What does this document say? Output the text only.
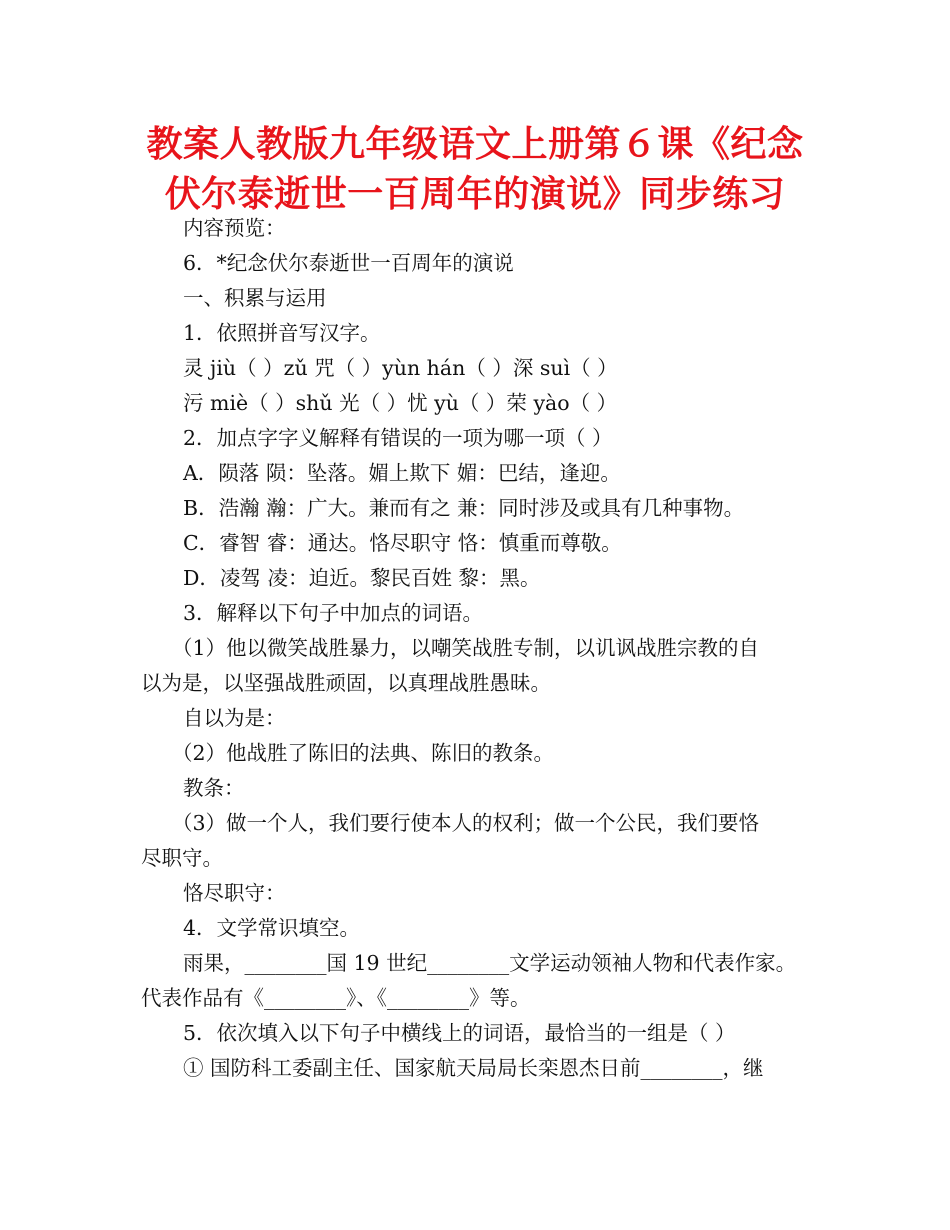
教案人教版九年级语文上册第６课《纪念
伏尔泰逝世一百周年的演说》同步练习
内容预览：
6．*纪念伏尔泰逝世一百周年的演说
一、积累与运用
1．依照拼音写汉字。
灵 jiù（ ）zǔ 咒（ ）yùn hán（ ）深 suì（ ）
污 miè（ ）shǔ 光（ ）忧 yù（ ）荣 yào（ ）
2．加点字字义解释有错误的一项为哪一项（ ）
A．陨落 陨：坠落。媚上欺下 媚：巴结，逢迎。
B．浩瀚 瀚：广大。兼而有之 兼：同时涉及或具有几种事物。
C．睿智 睿：通达。恪尽职守 恪：慎重而尊敬。
D．凌驾 凌：迫近。黎民百姓 黎：黑。
3．解释以下句子中加点的词语。
（1）他以微笑战胜暴力，以嘲笑战胜专制，以讥讽战胜宗教的自
以为是，以坚强战胜顽固，以真理战胜愚昧。
自以为是：
（2）他战胜了陈旧的法典、陈旧的教条。
教条：
（3）做一个人，我们要行使本人的权利；做一个公民，我们要恪
尽职守。
恪尽职守：
4．文学常识填空。
雨果，________国 19 世纪________文学运动领袖人物和代表作家。
代表作品有《________》、《________》等。
5．依次填入以下句子中横线上的词语，最恰当的一组是（ ）
① 国防科工委副主任、国家航天局局长栾恩杰日前________，继
